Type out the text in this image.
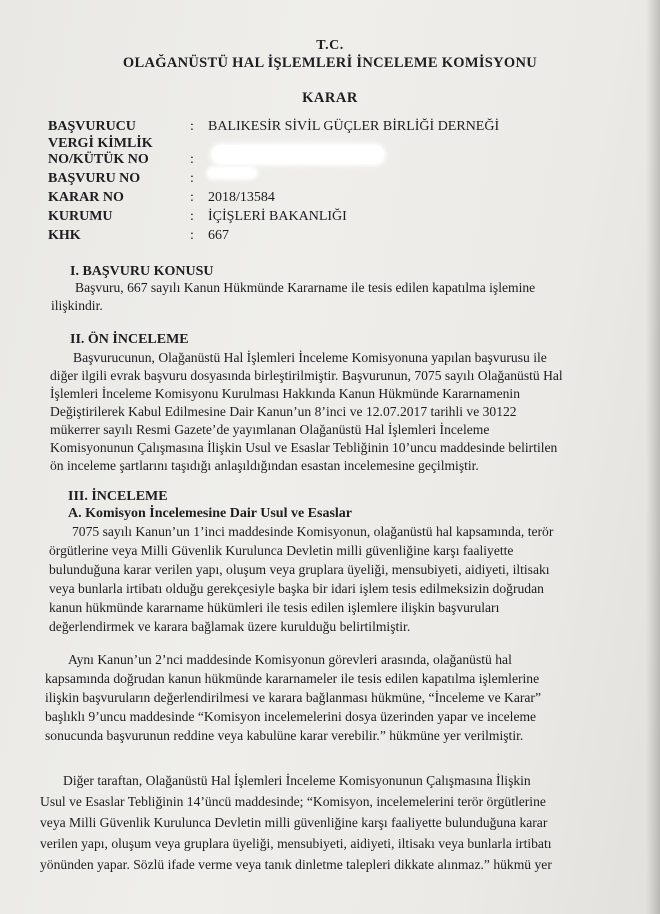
T.C.
OLAĞANÜSTÜ HAL İŞLEMLERİ İNCELEME KOMİSYONU
KARAR
BAŞVURUCU	: BALIKESİR SİVİL GÜÇLER BİRLİĞİ DERNEĞİ
VERGİ KİMLİK
NO/KÜTÜK NO	:
BAŞVURU NO	:
KARAR NO	: 2018/13584
KURUMU	: İÇİŞLERİ BAKANLIĞI
KHK	: 667
I. BAŞVURU KONUSU
Başvuru, 667 sayılı Kanun Hükmünde Kararname ile tesis edilen kapatılma işlemine
ilişkindir.
II. ÖN İNCELEME
Başvurucunun, Olağanüstü Hal İşlemleri İnceleme Komisyonuna yapılan başvurusu ile
diğer ilgili evrak başvuru dosyasında birleştirilmiştir. Başvurunun, 7075 sayılı Olağanüstü Hal
İşlemleri İnceleme Komisyonu Kurulması Hakkında Kanun Hükmünde Kararnamenin
Değiştirilerek Kabul Edilmesine Dair Kanun’un 8’inci ve 12.07.2017 tarihli ve 30122
mükerrer sayılı Resmi Gazete’de yayımlanan Olağanüstü Hal İşlemleri İnceleme
Komisyonunun Çalışmasına İlişkin Usul ve Esaslar Tebliğinin 10’uncu maddesinde belirtilen
ön inceleme şartlarını taşıdığı anlaşıldığından esastan incelemesine geçilmiştir.
III. İNCELEME
A. Komisyon İncelemesine Dair Usul ve Esaslar
7075 sayılı Kanun’un 1’inci maddesinde Komisyonun, olağanüstü hal kapsamında, terör
örgütlerine veya Milli Güvenlik Kurulunca Devletin milli güvenliğine karşı faaliyette
bulunduğuna karar verilen yapı, oluşum veya gruplara üyeliği, mensubiyeti, aidiyeti, iltisakı
veya bunlarla irtibatı olduğu gerekçesiyle başka bir idari işlem tesis edilmeksizin doğrudan
kanun hükmünde kararname hükümleri ile tesis edilen işlemlere ilişkin başvuruları
değerlendirmek ve karara bağlamak üzere kurulduğu belirtilmiştir.
Aynı Kanun’un 2’nci maddesinde Komisyonun görevleri arasında, olağanüstü hal
kapsamında doğrudan kanun hükmünde kararnameler ile tesis edilen kapatılma işlemlerine
ilişkin başvuruların değerlendirilmesi ve karara bağlanması hükmüne, “İnceleme ve Karar”
başlıklı 9’uncu maddesinde “Komisyon incelemelerini dosya üzerinden yapar ve inceleme
sonucunda başvurunun reddine veya kabulüne karar verebilir.” hükmüne yer verilmiştir.
Diğer taraftan, Olağanüstü Hal İşlemleri İnceleme Komisyonunun Çalışmasına İlişkin
Usul ve Esaslar Tebliğinin 14’üncü maddesinde; “Komisyon, incelemelerini terör örgütlerine
veya Milli Güvenlik Kurulunca Devletin milli güvenliğine karşı faaliyette bulunduğuna karar
verilen yapı, oluşum veya gruplara üyeliği, mensubiyeti, aidiyeti, iltisakı veya bunlarla irtibatı
yönünden yapar. Sözlü ifade verme veya tanık dinletme talepleri dikkate alınmaz.” hükmü yer
